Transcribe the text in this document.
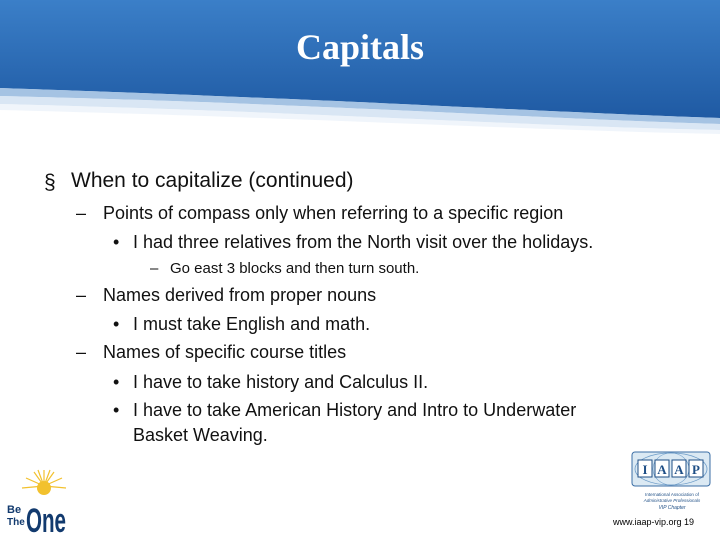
Capitals
§ When to capitalize (continued)
– Points of compass only when referring to a specific region
• I had three relatives from the North visit over the holidays.
– Go east 3 blocks and then turn south.
– Names derived from proper nouns
• I must take English and math.
– Names of specific course titles
• I have to take history and Calculus II.
• I have to take American History and Intro to Underwater
Basket Weaving.
Be
The One
I A A P
International Association of
Administrative Professionals
VIP Chapter
www.iaap-vip.org 19
